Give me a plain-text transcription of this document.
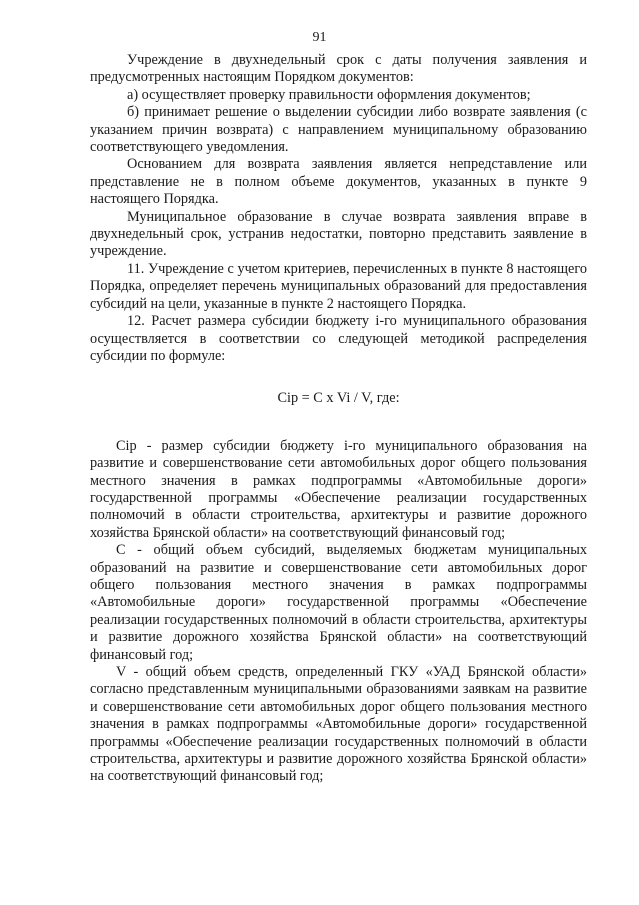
91

Учреждение в двухнедельный срок с даты получения заявления и предусмотренных настоящим Порядком документов:

а) осуществляет проверку правильности оформления документов;

б) принимает решение о выделении субсидии либо возврате заявления (с указанием причин возврата) с направлением муниципальному образованию соответствующего уведомления.

Основанием для возврата заявления является непредставление или представление не в полном объеме документов, указанных в пункте 9 настоящего Порядка.

Муниципальное образование в случае возврата заявления вправе в двухнедельный срок, устранив недостатки, повторно представить заявление в учреждение.

11. Учреждение с учетом критериев, перечисленных в пункте 8 настоящего Порядка, определяет перечень муниципальных образований для предоставления субсидий на цели, указанные в пункте 2 настоящего Порядка.

12. Расчет размера субсидии бюджету i-го муниципального образования осуществляется в соответствии со следующей методикой распределения субсидии по формуле:

Сiр = С x Vi / V, где:

Сiр - размер субсидии бюджету i-го муниципального образования на развитие и совершенствование сети автомобильных дорог общего пользования местного значения в рамках подпрограммы «Автомобильные дороги» государственной программы «Обеспечение реализации государственных полномочий в области строительства, архитектуры и развитие дорожного хозяйства Брянской области» на соответствующий финансовый год;

С - общий объем субсидий, выделяемых бюджетам муниципальных образований на развитие и совершенствование сети автомобильных дорог общего пользования местного значения в рамках подпрограммы «Автомобильные дороги» государственной программы «Обеспечение реализации государственных полномочий в области строительства, архитектуры и развитие дорожного хозяйства Брянской области» на соответствующий финансовый год;

V - общий объем средств, определенный ГКУ «УАД Брянской области» согласно представленным муниципальными образованиями заявкам на развитие и совершенствование сети автомобильных дорог общего пользования местного значения в рамках подпрограммы «Автомобильные дороги» государственной программы «Обеспечение реализации государственных полномочий в области строительства, архитектуры и развитие дорожного хозяйства Брянской области» на соответствующий финансовый год;
